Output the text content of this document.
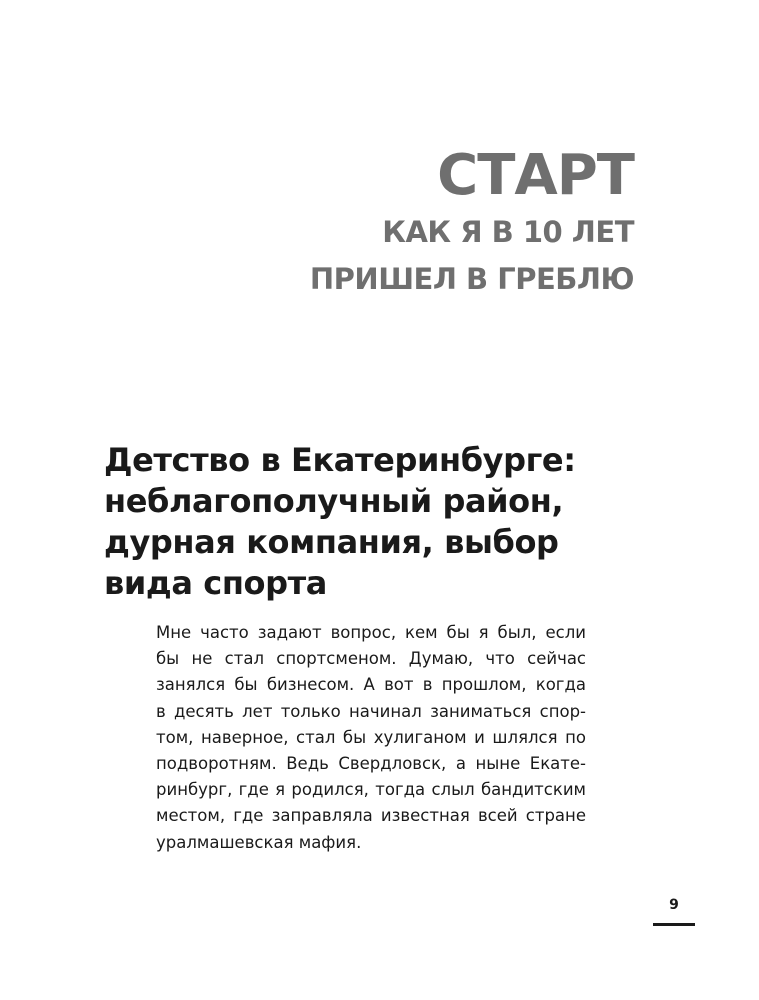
СТАРТ

КАК Я В 10 ЛЕТ

ПРИШЕЛ В ГРЕБЛЮ

Детство в Екатеринбурге:
неблагополучный район,
дурная компания, выбор
вида спорта

Мне часто задают вопрос, кем бы я был, если
бы не стал спортсменом. Думаю, что сейчас
занялся бы бизнесом. А вот в прошлом, когда
в десять лет только начинал заниматься спор-
том, наверное, стал бы хулиганом и шлялся по
подворотням. Ведь Свердловск, а ныне Екате-
ринбург, где я родился, тогда слыл бандитским
местом, где заправляла известная всей стране
уралмашевская мафия.

9
